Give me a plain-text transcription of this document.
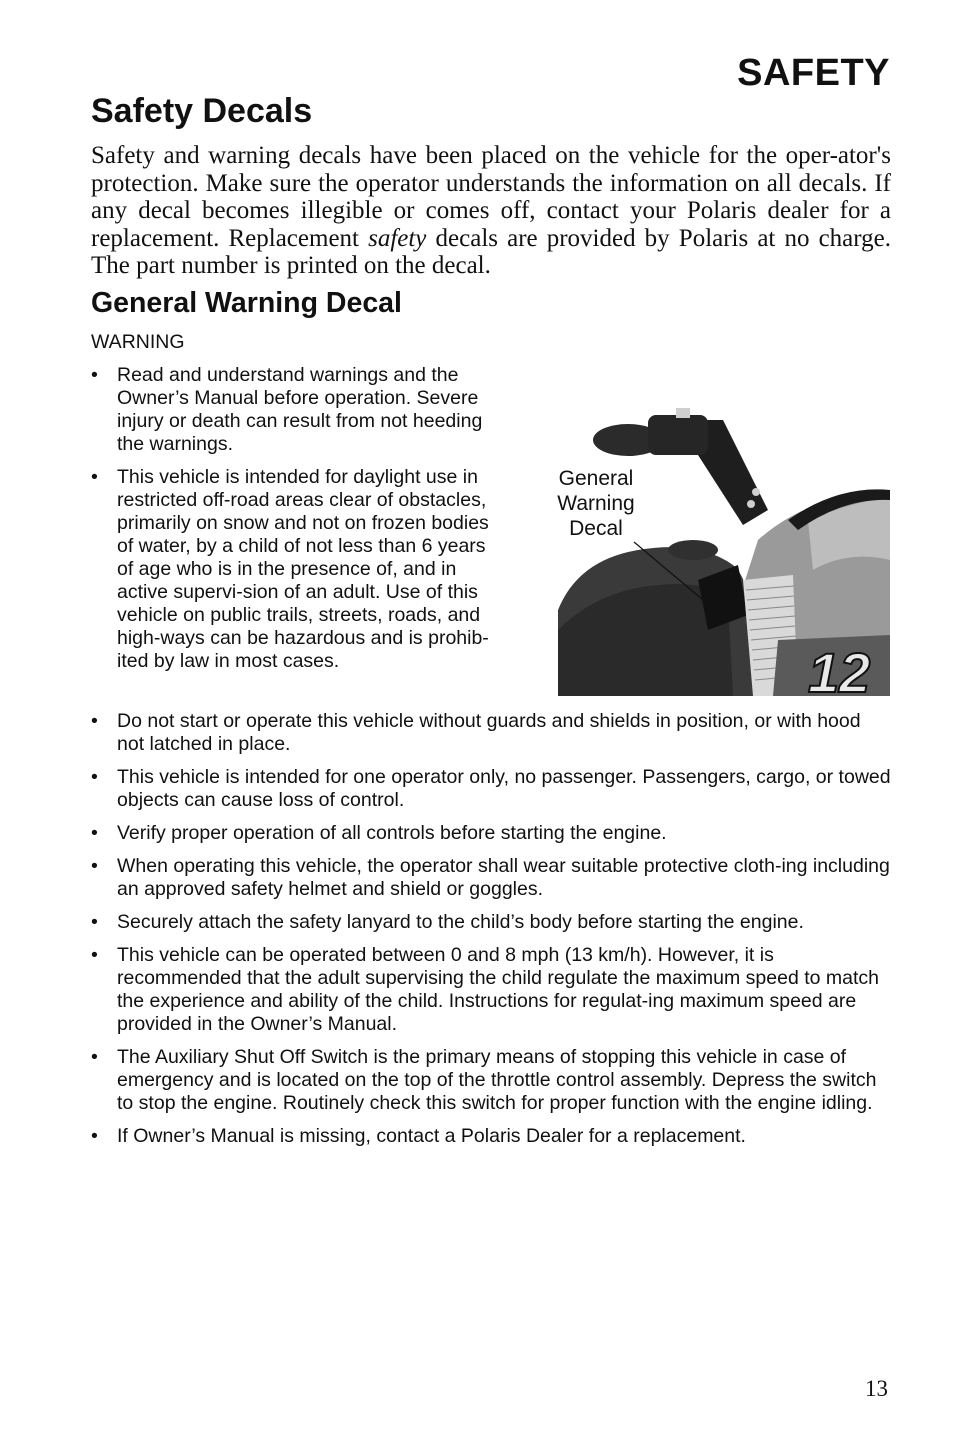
SAFETY
Safety Decals

Safety and warning decals have been placed on the vehicle for the oper-ator's protection. Make sure the operator understands the information on all decals. If any decal becomes illegible or comes off, contact your Polaris dealer for a replacement. Replacement safety decals are provided by Polaris at no charge. The part number is printed on the decal.

General Warning Decal
WARNING
• Read and understand warnings and the Owner’s Manual before operation. Severe injury or death can result from not heeding the warnings.
• This vehicle is intended for daylight use in restricted off-road areas clear of obstacles, primarily on snow and not on frozen bodies of water, by a child of not less than 6 years of age who is in the presence of, and in active supervi-sion of an adult. Use of this vehicle on public trails, streets, roads, and high-ways can be hazardous and is prohib-ited by law in most cases.
• Do not start or operate this vehicle without guards and shields in position, or with hood not latched in place.
• This vehicle is intended for one operator only, no passenger. Passengers, cargo, or towed objects can cause loss of control.
• Verify proper operation of all controls before starting the engine.
• When operating this vehicle, the operator shall wear suitable protective cloth-ing including an approved safety helmet and shield or goggles.
• Securely attach the safety lanyard to the child’s body before starting the engine.
• This vehicle can be operated between 0 and 8 mph (13 km/h). However, it is recommended that the adult supervising the child regulate the maximum speed to match the experience and ability of the child. Instructions for regulat-ing maximum speed are provided in the Owner’s Manual.
• The Auxiliary Shut Off Switch is the primary means of stopping this vehicle in case of emergency and is located on the top of the throttle control assembly. Depress the switch to stop the engine. Routinely check this switch for proper function with the engine idling.
• If Owner’s Manual is missing, contact a Polaris Dealer for a replacement.
12
General
Warning
Decal
13
